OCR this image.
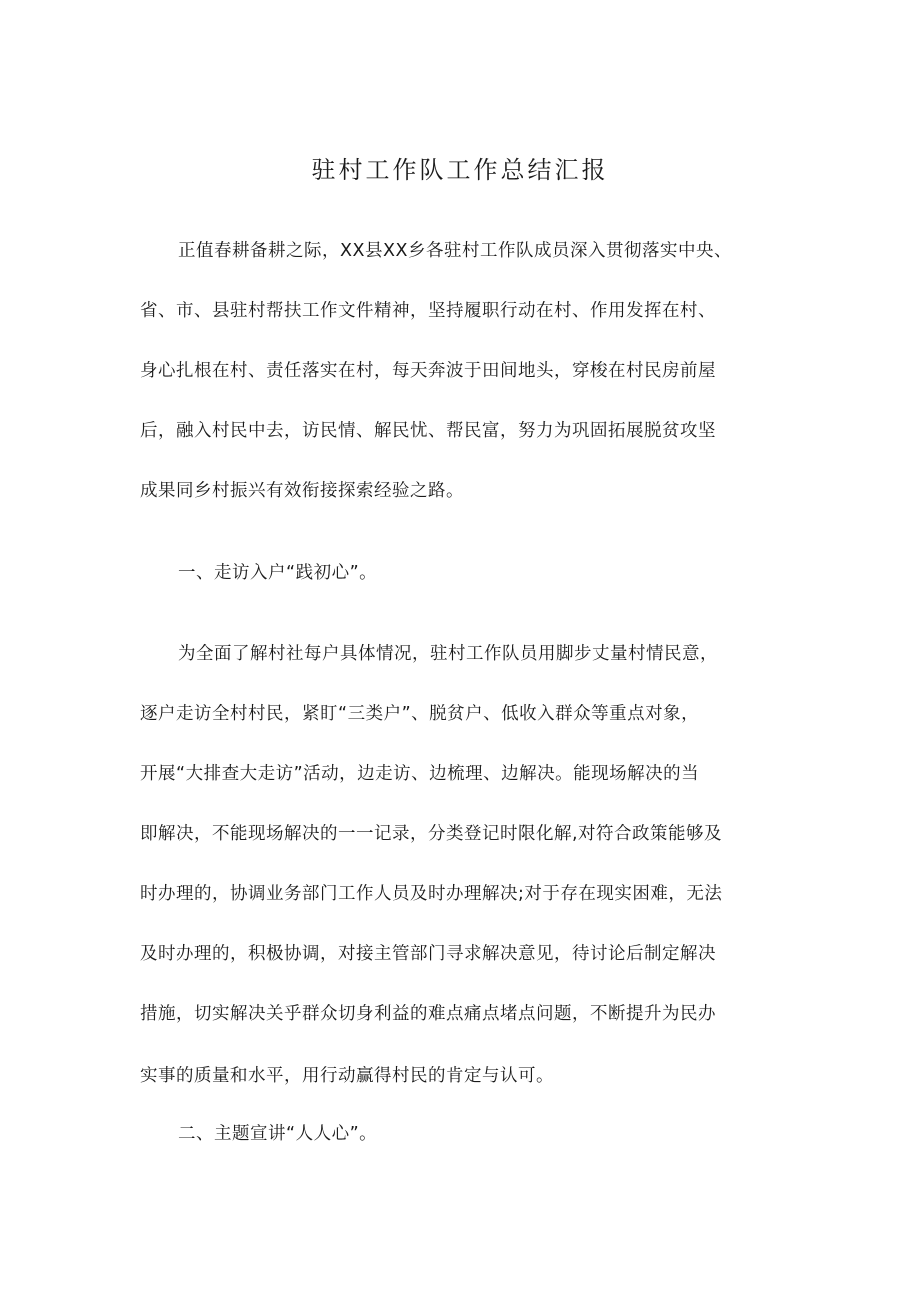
驻村工作队工作总结汇报
正值春耕备耕之际，XX县XX乡各驻村工作队成员深入贯彻落实中央、
省、市、县驻村帮扶工作文件精神，坚持履职行动在村、作用发挥在村、
身心扎根在村、责任落实在村，每天奔波于田间地头，穿梭在村民房前屋
后，融入村民中去，访民情、解民忧、帮民富，努力为巩固拓展脱贫攻坚
成果同乡村振兴有效衔接探索经验之路。
一、走访入户“践初心”。
为全面了解村社每户具体情况，驻村工作队员用脚步丈量村情民意，
逐户走访全村村民，紧盯“三类户”、脱贫户、低收入群众等重点对象，
开展“大排查大走访”活动，边走访、边梳理、边解决。能现场解决的当
即解决，不能现场解决的一一记录，分类登记时限化解,对符合政策能够及
时办理的，协调业务部门工作人员及时办理解决;对于存在现实困难，无法
及时办理的，积极协调，对接主管部门寻求解决意见，待讨论后制定解决
措施，切实解决关乎群众切身利益的难点痛点堵点问题，不断提升为民办
实事的质量和水平，用行动赢得村民的肯定与认可。
二、主题宣讲“人人心”。
